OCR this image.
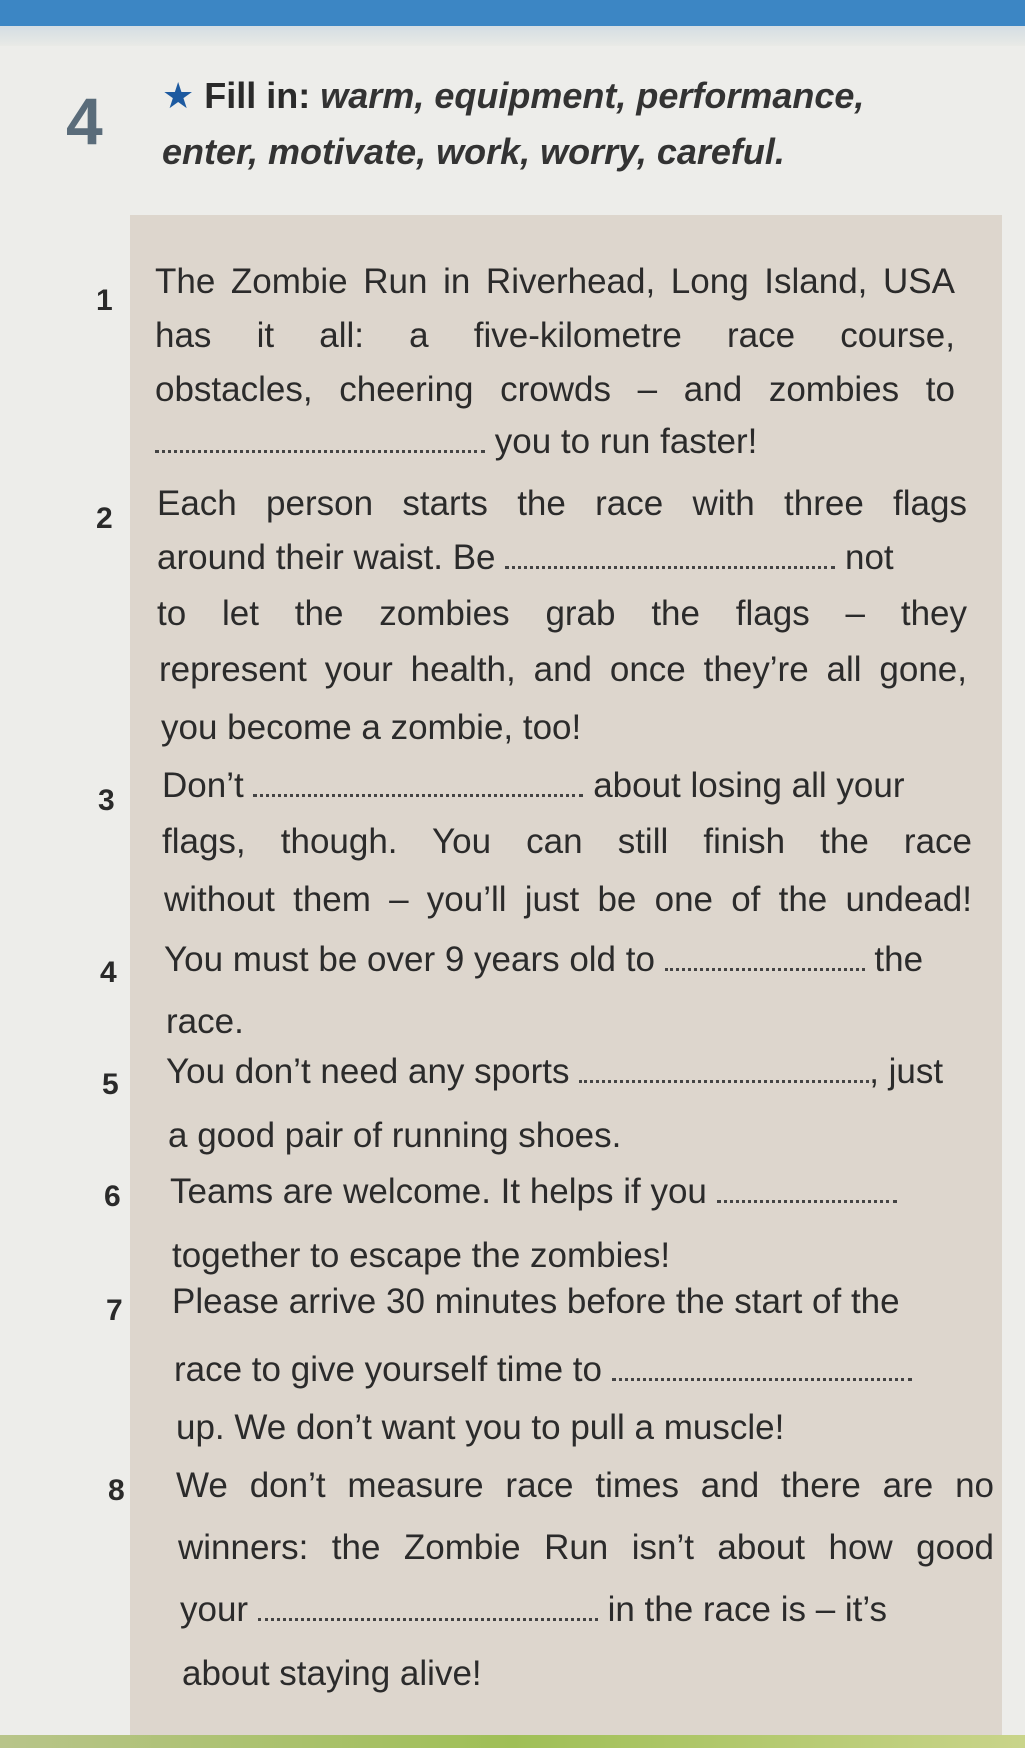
4 ★ Fill in: warm, equipment, performance,
enter, motivate, work, worry, careful.
1 The Zombie Run in Riverhead, Long Island, USA
has it all: a five-kilometre race course,
obstacles, cheering crowds – and zombies to
you to run faster!
2 Each person starts the race with three flags
around their waist. Be	not
to let the zombies grab the flags – they
represent your health, and once they’re all gone,
you become a zombie, too!
3 Don’t	about losing all your
flags, though. You can still finish the race
without them – you’ll just be one of the undead!
4 You must be over 9 years old to	the
race.
5 You don’t need any sports	, just
a good pair of running shoes.
6 Teams are welcome. It helps if you
together to escape the zombies!
7 Please arrive 30 minutes before the start of the
race to give yourself time to
up. We don’t want you to pull a muscle!
8 We don’t measure race times and there are no
winners: the Zombie Run isn’t about how good
your	in the race is – it’s
about staying alive!
